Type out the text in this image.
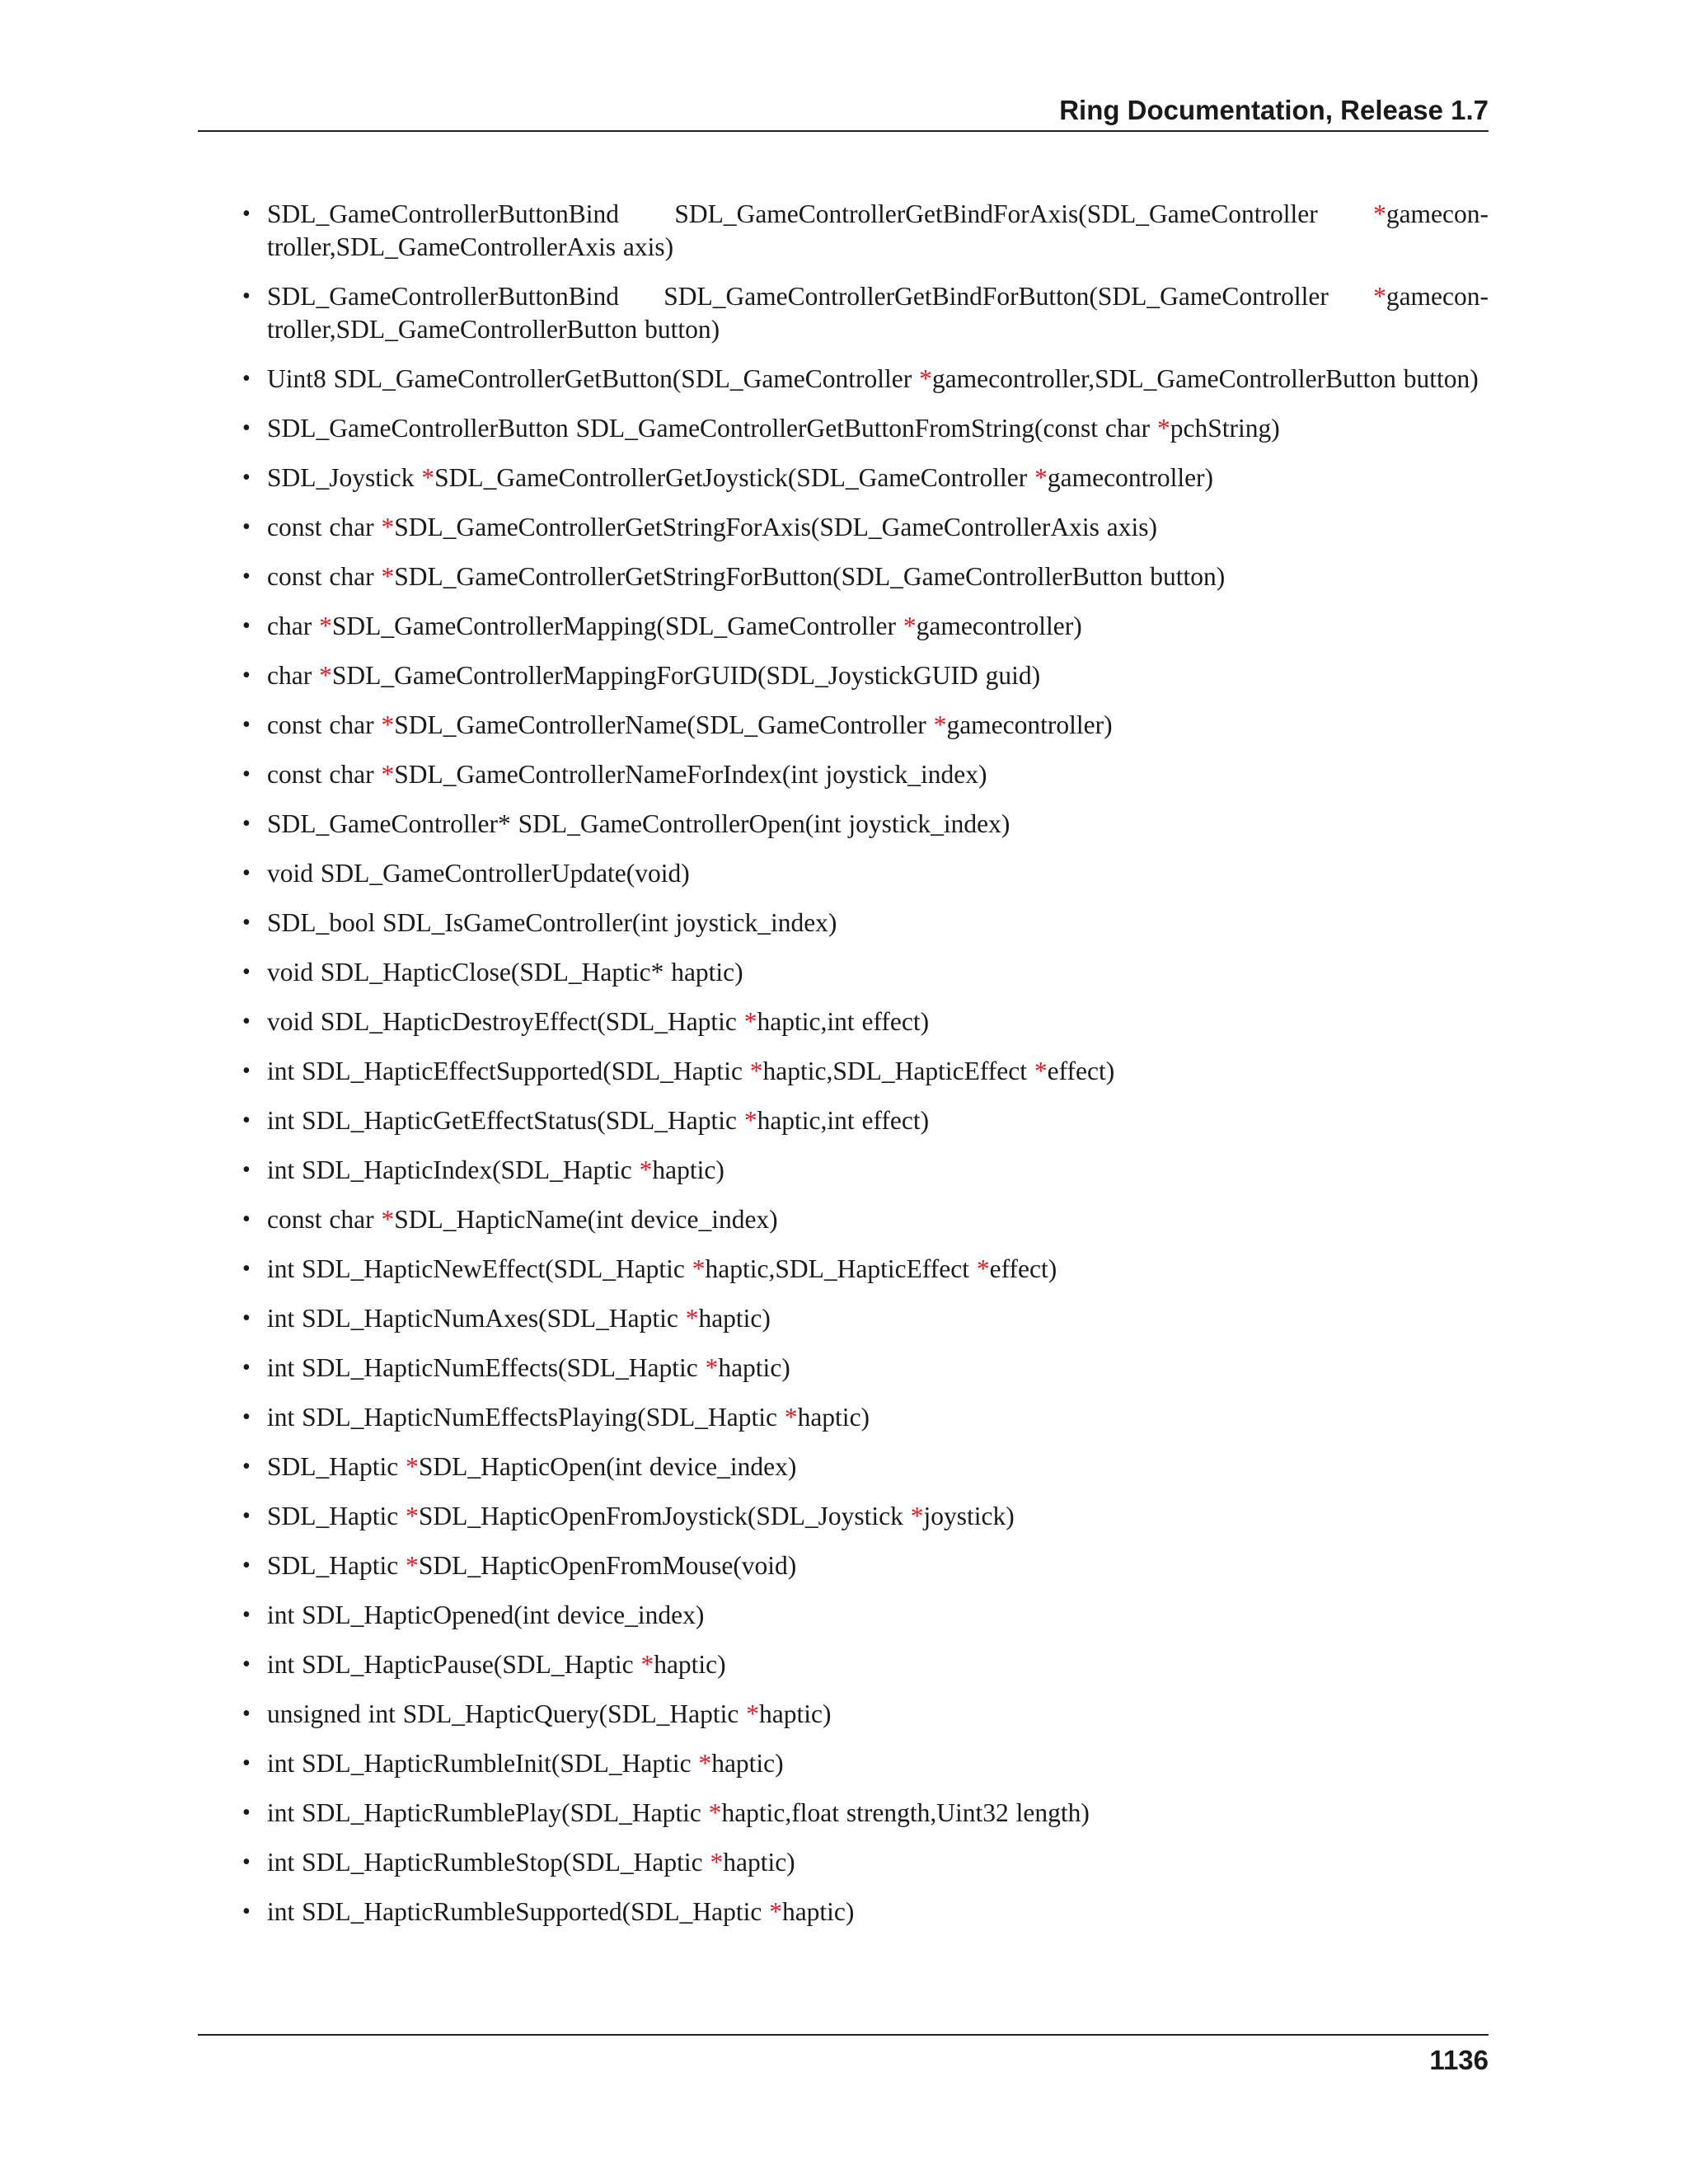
Ring Documentation, Release 1.7
• SDL_GameControllerButtonBind SDL_GameControllerGetBindForAxis(SDL_GameController *gamecon-troller,SDL_GameControllerAxis axis)
• SDL_GameControllerButtonBind SDL_GameControllerGetBindForButton(SDL_GameController *gamecon-troller,SDL_GameControllerButton button)
• Uint8 SDL_GameControllerGetButton(SDL_GameController *gamecontroller,SDL_GameControllerButton button)
• SDL_GameControllerButton SDL_GameControllerGetButtonFromString(const char *pchString)
• SDL_Joystick *SDL_GameControllerGetJoystick(SDL_GameController *gamecontroller)
• const char *SDL_GameControllerGetStringForAxis(SDL_GameControllerAxis axis)
• const char *SDL_GameControllerGetStringForButton(SDL_GameControllerButton button)
• char *SDL_GameControllerMapping(SDL_GameController *gamecontroller)
• char *SDL_GameControllerMappingForGUID(SDL_JoystickGUID guid)
• const char *SDL_GameControllerName(SDL_GameController *gamecontroller)
• const char *SDL_GameControllerNameForIndex(int joystick_index)
• SDL_GameController* SDL_GameControllerOpen(int joystick_index)
• void SDL_GameControllerUpdate(void)
• SDL_bool SDL_IsGameController(int joystick_index)
• void SDL_HapticClose(SDL_Haptic* haptic)
• void SDL_HapticDestroyEffect(SDL_Haptic *haptic,int effect)
• int SDL_HapticEffectSupported(SDL_Haptic *haptic,SDL_HapticEffect *effect)
• int SDL_HapticGetEffectStatus(SDL_Haptic *haptic,int effect)
• int SDL_HapticIndex(SDL_Haptic *haptic)
• const char *SDL_HapticName(int device_index)
• int SDL_HapticNewEffect(SDL_Haptic *haptic,SDL_HapticEffect *effect)
• int SDL_HapticNumAxes(SDL_Haptic *haptic)
• int SDL_HapticNumEffects(SDL_Haptic *haptic)
• int SDL_HapticNumEffectsPlaying(SDL_Haptic *haptic)
• SDL_Haptic *SDL_HapticOpen(int device_index)
• SDL_Haptic *SDL_HapticOpenFromJoystick(SDL_Joystick *joystick)
• SDL_Haptic *SDL_HapticOpenFromMouse(void)
• int SDL_HapticOpened(int device_index)
• int SDL_HapticPause(SDL_Haptic *haptic)
• unsigned int SDL_HapticQuery(SDL_Haptic *haptic)
• int SDL_HapticRumbleInit(SDL_Haptic *haptic)
• int SDL_HapticRumblePlay(SDL_Haptic *haptic,float strength,Uint32 length)
• int SDL_HapticRumbleStop(SDL_Haptic *haptic)
• int SDL_HapticRumbleSupported(SDL_Haptic *haptic)
1136
